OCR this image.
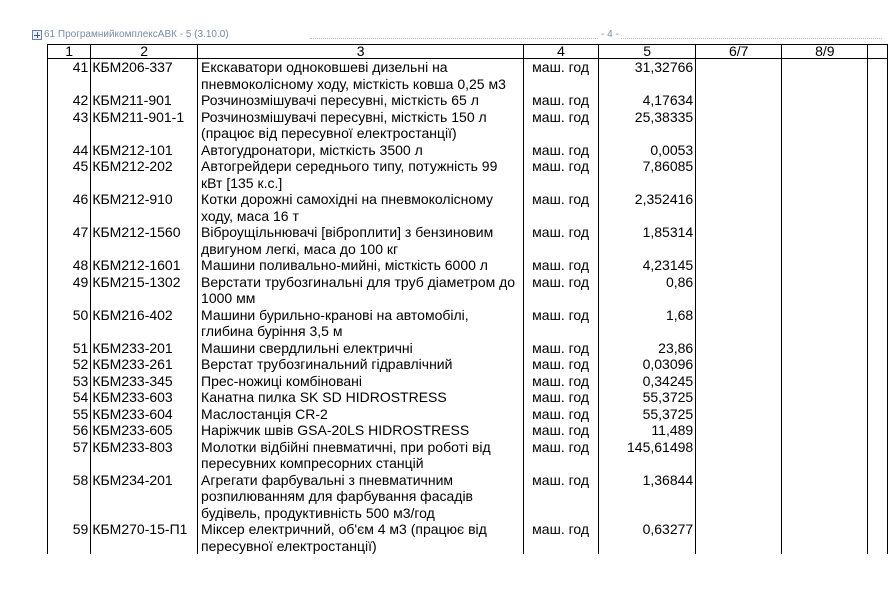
61 ПрограмнийкомплексАВК - 5 (3.10.0)	- 4 -
1	2	3	4	5	6/7	8/9	
41	КБМ206-337	Екскаватори одноковшеві дизельні на пневмоколісному ходу, місткість ковша 0,25 м3	маш. год	31,32766			
42	КБМ211-901	Розчинозмішувачі пересувні, місткість 65 л	маш. год	4,17634			
43	КБМ211-901-1	Розчинозмішувачі пересувні, місткість 150 л (працює від пересувної електростанції)	маш. год	25,38335			
44	КБМ212-101	Автогудронатори, місткість 3500 л	маш. год	0,0053			
45	КБМ212-202	Автогрейдери середнього типу, потужність 99 кВт [135 к.с.]	маш. год	7,86085			
46	КБМ212-910	Котки дорожні самохідні на пневмоколісному ходу, маса 16 т	маш. год	2,352416			
47	КБМ212-1560	Віброущільнювачі [віброплити] з бензиновим двигуном легкі, маса до 100 кг	маш. год	1,85314			
48	КБМ212-1601	Машини поливально-мийні, місткість 6000 л	маш. год	4,23145			
49	КБМ215-1302	Верстати трубозгинальні для труб діаметром до 1000 мм	маш. год	0,86			
50	КБМ216-402	Машини бурильно-кранові на автомобілі, глибина буріння 3,5 м	маш. год	1,68			
51	КБМ233-201	Машини свердлильні електричні	маш. год	23,86			
52	КБМ233-261	Верстат трубозгинальний гідравлічний	маш. год	0,03096			
53	КБМ233-345	Прес-ножиці комбіновані	маш. год	0,34245			
54	КБМ233-603	Канатна пилка SK SD HIDROSTRESS	маш. год	55,3725			
55	КБМ233-604	Маслостанція CR-2	маш. год	55,3725			
56	КБМ233-605	Наріжчик швів GSA-20LS HIDROSTRESS	маш. год	11,489			
57	КБМ233-803	Молотки відбійні пневматичні, при роботі від пересувних компресорних станцій	маш. год	145,61498			
58	КБМ234-201	Агрегати фарбувальні з пневматичним розпилюванням для фарбування фасадів будівель, продуктивність 500 м3/год	маш. год	1,36844			
59	КБМ270-15-П1	Міксер електричний, об'єм 4 м3 (працює від пересувної електростанції)	маш. год	0,63277			
